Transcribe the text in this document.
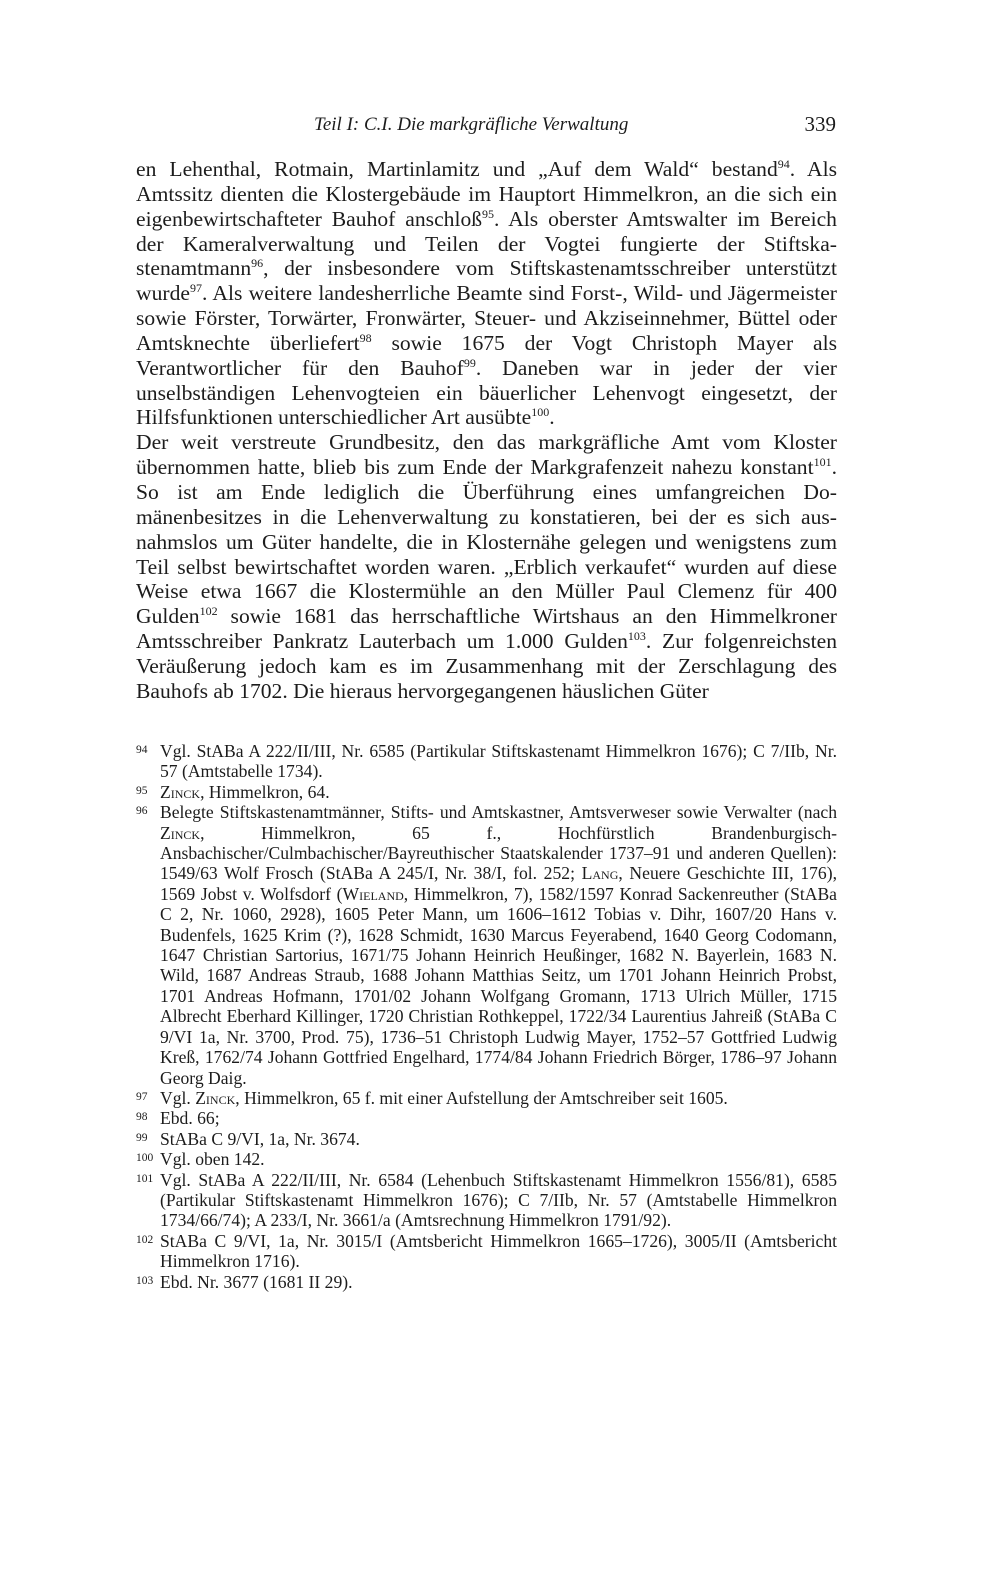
Teil I: C.I. Die markgräfliche Verwaltung	339

en Lehenthal, Rotmain, Martinlamitz und „Auf dem Wald“ bestand$^{94}$. Als Amtssitz dienten die Klostergebäude im Hauptort Himmelkron, an die sich ein eigenbewirtschafteter Bauhof anschloß$^{95}$. Als oberster Amtswalter im Bereich der Kameralverwaltung und Teilen der Vogtei fungierte der Stiftskastenamtmann$^{96}$, der insbesondere vom Stiftskastenamtsschreiber unterstützt wurde$^{97}$. Als weitere landesherrliche Beamte sind Forst-, Wild- und Jägermeister sowie Förster, Torwärter, Fronwärter, Steuer- und Akziseinnehmer, Büttel oder Amtsknechte überliefert$^{98}$ sowie 1675 der Vogt Christoph Mayer als Verantwortlicher für den Bauhof$^{99}$. Daneben war in jeder der vier unselbständigen Lehenvogteien ein bäuerlicher Lehenvogt eingesetzt, der Hilfsfunktionen unterschiedlicher Art ausübte$^{100}$.

Der weit verstreute Grundbesitz, den das markgräfliche Amt vom Kloster übernommen hatte, blieb bis zum Ende der Markgrafenzeit nahezu konstant$^{101}$. So ist am Ende lediglich die Überführung eines umfangreichen Domänenbesitzes in die Lehenverwaltung zu konstatieren, bei der es sich ausnahmslos um Güter handelte, die in Klosternähe gelegen und wenigstens zum Teil selbst bewirtschaftet worden waren. „Erblich verkaufet“ wurden auf diese Weise etwa 1667 die Klostermühle an den Müller Paul Clemenz für 400 Gulden$^{102}$ sowie 1681 das herrschaftliche Wirtshaus an den Himmelkroner Amtsschreiber Pankratz Lauterbach um 1.000 Gulden$^{103}$. Zur folgenreichsten Veräußerung jedoch kam es im Zusammenhang mit der Zerschlagung des Bauhofs ab 1702. Die hieraus hervorgegangenen häuslichen Güter

94 Vgl. StABa A 222/II/III, Nr. 6585 (Partikular Stiftskastenamt Himmelkron 1676); C 7/IIb, Nr. 57 (Amtstabelle 1734).
95 Zinck, Himmelkron, 64.
96 Belegte Stiftskastenamtmänner, Stifts- und Amtskastner, Amtsverweser sowie Verwalter (nach Zinck, Himmelkron, 65 f., Hochfürstlich Brandenburgisch-Ansbachischer/Culmbachischer/Bayreuthischer Staatskalender 1737–91 und anderen Quellen): 1549/63 Wolf Frosch (StABa A 245/I, Nr. 38/I, fol. 252; Lang, Neuere Geschichte III, 176), 1569 Jobst v. Wolfsdorf (Wieland, Himmelkron, 7), 1582/1597 Konrad Sackenreuther (StABa C 2, Nr. 1060, 2928), 1605 Peter Mann, um 1606–1612 Tobias v. Dihr, 1607/20 Hans v. Budenfels, 1625 Krim (?), 1628 Schmidt, 1630 Marcus Feyerabend, 1640 Georg Codomann, 1647 Christian Sartorius, 1671/75 Johann Heinrich Heußinger, 1682 N. Bayerlein, 1683 N. Wild, 1687 Andreas Straub, 1688 Johann Matthias Seitz, um 1701 Johann Heinrich Probst, 1701 Andreas Hofmann, 1701/02 Johann Wolfgang Gromann, 1713 Ulrich Müller, 1715 Albrecht Eberhard Killinger, 1720 Christian Rothkeppel, 1722/34 Laurentius Jahreiß (StABa C 9/VI 1a, Nr. 3700, Prod. 75), 1736–51 Christoph Ludwig Mayer, 1752–57 Gottfried Ludwig Kreß, 1762/74 Johann Gottfried Engelhard, 1774/84 Johann Friedrich Börger, 1786–97 Johann Georg Daig.
97 Vgl. Zinck, Himmelkron, 65 f. mit einer Aufstellung der Amtschreiber seit 1605.
98 Ebd. 66;
99 StABa C 9/VI, 1a, Nr. 3674.
100 Vgl. oben 142.
101 Vgl. StABa A 222/II/III, Nr. 6584 (Lehenbuch Stiftskastenamt Himmelkron 1556/81), 6585 (Partikular Stiftskastenamt Himmelkron 1676); C 7/IIb, Nr. 57 (Amtstabelle Himmelkron 1734/66/74); A 233/I, Nr. 3661/a (Amtsrechnung Himmelkron 1791/92).
102 StABa C 9/VI, 1a, Nr. 3015/I (Amtsbericht Himmelkron 1665–1726), 3005/II (Amtsbericht Himmelkron 1716).
103 Ebd. Nr. 3677 (1681 II 29).
